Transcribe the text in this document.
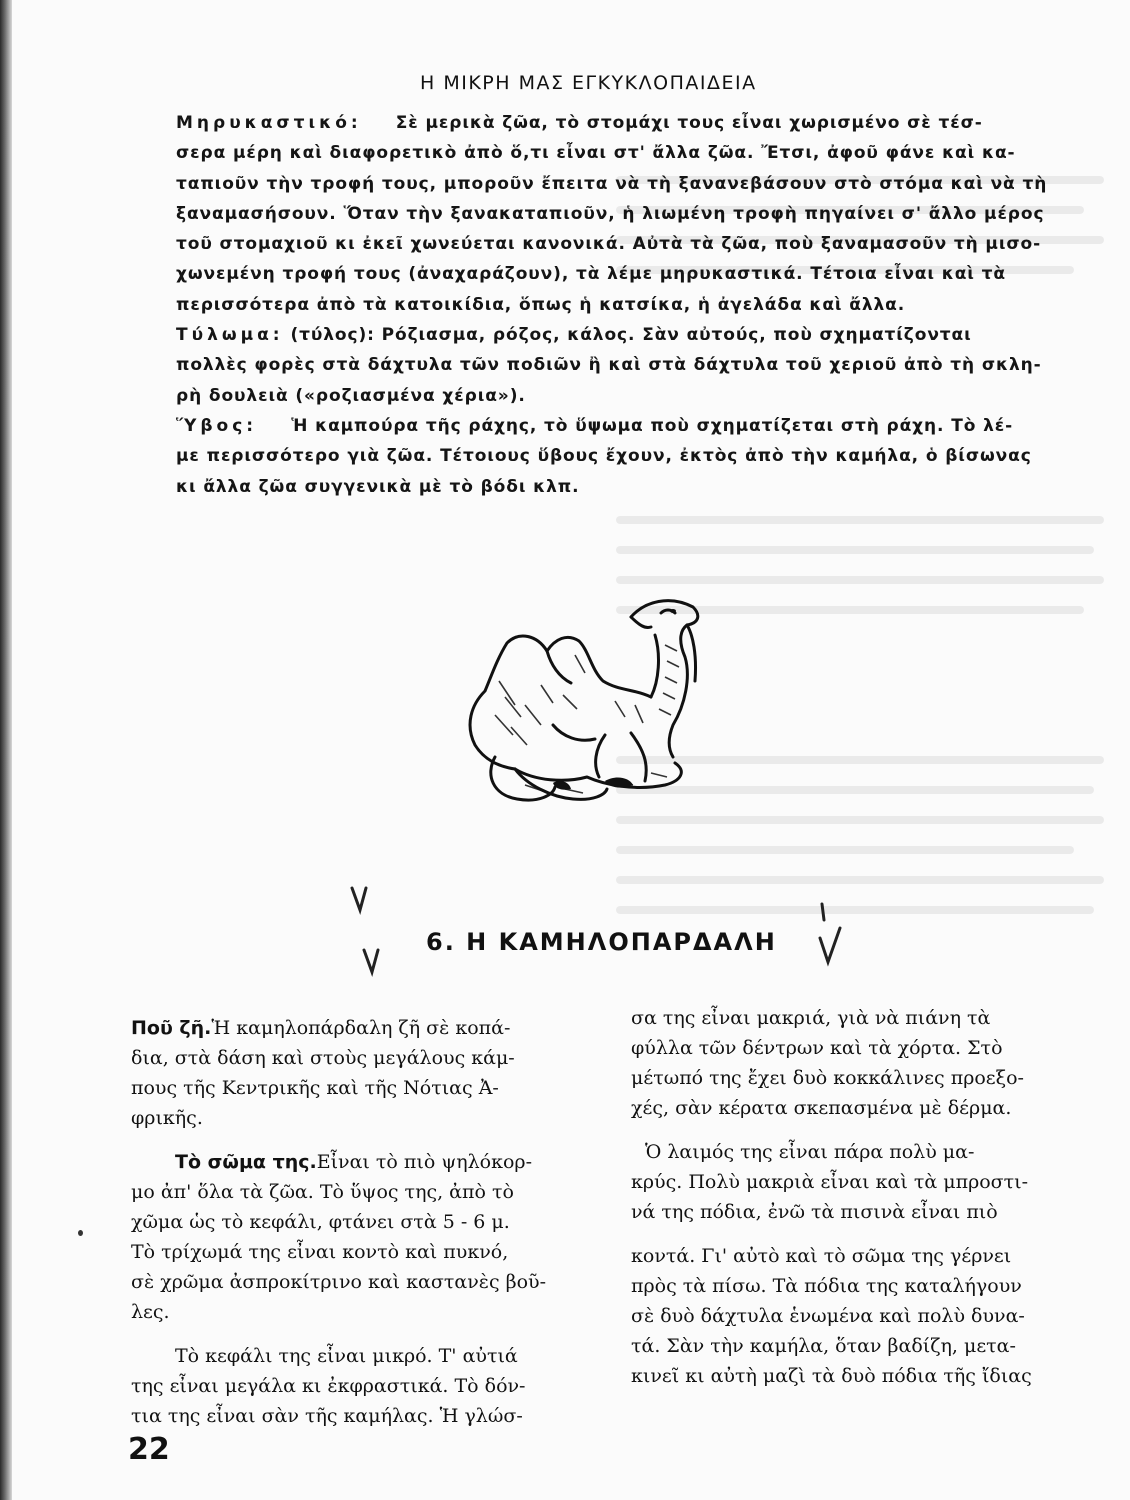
Η ΜΙΚΡΗ ΜΑΣ ΕΓΚΥΚΛΟΠΑΙΔΕΙΑ
Μηρυκαστικό: Σὲ μερικὰ ζῶα, τὸ στομάχι τους εἶναι χωρισμένο σὲ τέσ-
σερα μέρη καὶ διαφορετικὸ ἀπὸ ὅ,τι εἶναι στ' ἄλλα ζῶα. Ἔτσι, ἀφοῦ φάνε καὶ κα-
ταπιοῦν τὴν τροφή τους, μποροῦν ἔπειτα νὰ τὴ ξανανεβάσουν στὸ στόμα καὶ νὰ τὴ
ξαναμασήσουν. Ὅταν τὴν ξανακαταπιοῦν, ἡ λιωμένη τροφὴ πηγαίνει σ' ἄλλο μέρος
τοῦ στομαχιοῦ κι ἐκεῖ χωνεύεται κανονικά. Αὐτὰ τὰ ζῶα, ποὺ ξαναμασοῦν τὴ μισο-
χωνεμένη τροφή τους (ἀναχαράζουν), τὰ λέμε μηρυκαστικά. Τέτοια εἶναι καὶ τὰ
περισσότερα ἀπὸ τὰ κατοικίδια, ὅπως ἡ κατσίκα, ἡ ἀγελάδα καὶ ἄλλα.
Τύλωμα: (τύλος): Ρόζιασμα, ρόζος, κάλος. Σὰν αὐτούς, ποὺ σχηματίζονται
πολλὲς φορὲς στὰ δάχτυλα τῶν ποδιῶν ἢ καὶ στὰ δάχτυλα τοῦ χεριοῦ ἀπὸ τὴ σκλη-
ρὴ δουλειὰ («ροζιασμένα χέρια»).
Ὕβος: Ἡ καμπούρα τῆς ράχης, τὸ ὕψωμα ποὺ σχηματίζεται στὴ ράχη. Τὸ λέ-
με περισσότερο γιὰ ζῶα. Τέτοιους ὕβους ἔχουν, ἐκτὸς ἀπὸ τὴν καμήλα, ὁ βίσωνας
κι ἄλλα ζῶα συγγενικὰ μὲ τὸ βόδι κλπ.
6. Η ΚΑΜΗΛΟΠΑΡΔΑΛΗ
Ποῦ ζῆ.Ἡ καμηλοπάρδαλη ζῆ σὲ κοπά-
δια, στὰ δάση καὶ στοὺς μεγάλους κάμ-
πους τῆς Κεντρικῆς καὶ τῆς Νότιας Ἀ-
φρικῆς.
Τὸ σῶμα της.Εἶναι τὸ πιὸ ψηλόκορ-
μο ἀπ' ὅλα τὰ ζῶα. Τὸ ὕψος της, ἀπὸ τὸ
χῶμα ὡς τὸ κεφάλι, φτάνει στὰ 5 - 6 μ.
Τὸ τρίχωμά της εἶναι κοντὸ καὶ πυκνό,
σὲ χρῶμα ἀσπροκίτρινο καὶ καστανὲς βοῦ-
λες.
Τὸ κεφάλι της εἶναι μικρό. Τ' αὐτιά
της εἶναι μεγάλα κι ἐκφραστικά. Τὸ δόν-
τια της εἶναι σὰν τῆς καμήλας. Ἡ γλώσ-
σα της εἶναι μακριά, γιὰ νὰ πιάνη τὰ
φύλλα τῶν δέντρων καὶ τὰ χόρτα. Στὸ
μέτωπό της ἔχει δυὸ κοκκάλινες προεξο-
χές, σὰν κέρατα σκεπασμένα μὲ δέρμα.
Ὁ λαιμός της εἶναι πάρα πολὺ μα-
κρύς. Πολὺ μακριὰ εἶναι καὶ τὰ μπροστι-
νά της πόδια, ἐνῶ τὰ πισινὰ εἶναι πιὸ
κοντά. Γι' αὐτὸ καὶ τὸ σῶμα της γέρνει
πρὸς τὰ πίσω. Τὰ πόδια της καταλήγουν
σὲ δυὸ δάχτυλα ἑνωμένα καὶ πολὺ δυνα-
τά. Σὰν τὴν καμήλα, ὅταν βαδίζη, μετα-
κινεῖ κι αὐτὴ μαζὶ τὰ δυὸ πόδια τῆς ἴδιας
22
